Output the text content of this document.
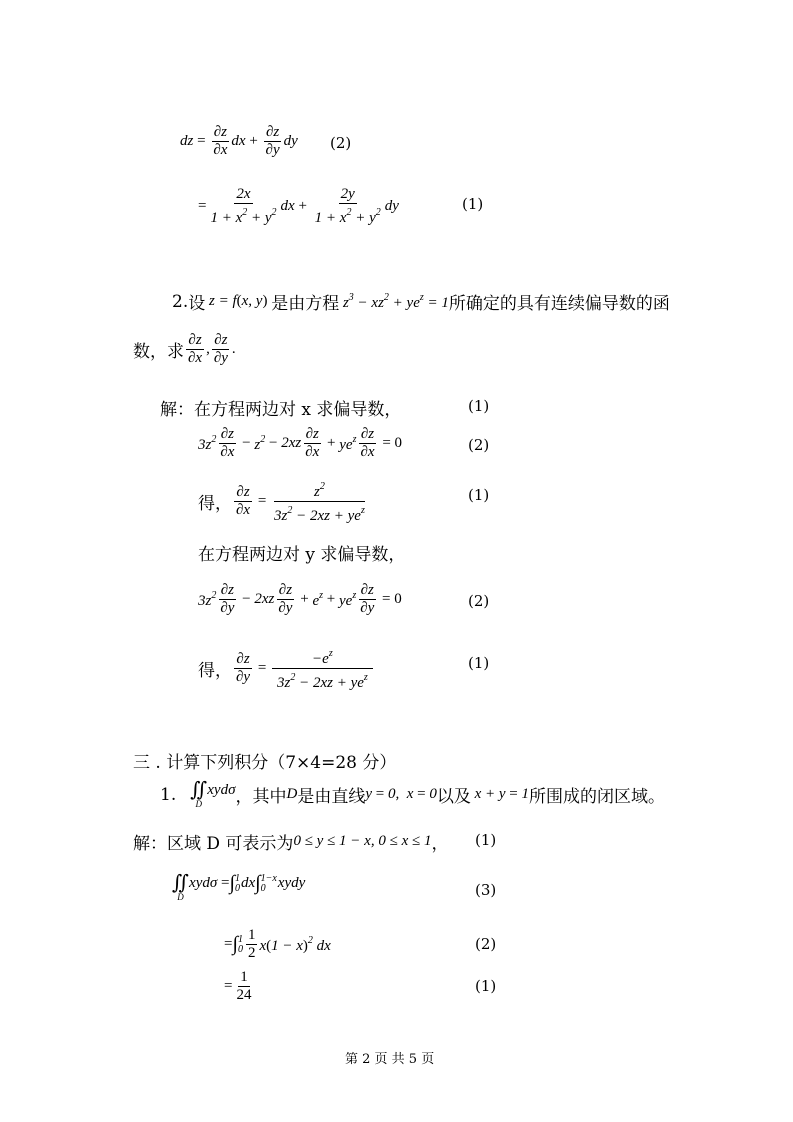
dz = $\frac{\partial z}{\partial x}$ dx + $\frac{\partial z}{\partial y}$ dy (2)
= $\frac{2x}{1 + x^2 + y^2}$ dx + $\frac{2y}{1 + x^2 + y^2}$ dy	(1)
2. 设 z = f ( x, y ) 是由方程 $z^3 - xz^2 + ye^z = 1$ 所确定的具有连续偏导数的函
数，求 $\frac{\partial z}{\partial x}$ , $\frac{\partial z}{\partial y}$ .
解：在方程两边对 x 求偏导数，	(1)
$3z^2 \frac{\partial z}{\partial x} - z^2 - 2xz \frac{\partial z}{\partial x} + ye^z \frac{\partial z}{\partial x} = 0$	(2)
得， $\frac{\partial z}{\partial x} = \frac{z^2}{3z^2 - 2xz + ye^z}$	(1)
在方程两边对 y 求偏导数，
$3z^2 \frac{\partial z}{\partial y} - 2xz \frac{\partial z}{\partial y} + e^z + ye^z \frac{\partial z}{\partial y} = 0$	(2)
得， $\frac{\partial z}{\partial y} = \frac{-e^z}{3z^2 - 2xz + ye^z}$	(1)
三 . 计算下列积分（7×4=28 分）
1. ∬
D
xydσ ，其中 D 是由直线 y = 0,  x = 0 以及 x + y = 1 所围成的闭区域。
解：区域 D 可表示为 0 ≤ y ≤ 1 − x, 0 ≤ x ≤ 1 ， (1)
∬
D
xydσ = ∫ 1
0 dx ∫ 1−x
0 xydy	(3)
= ∫ 1
$0 \frac{1}{2} x(1 - x)^2$ dx	(2)
= $\frac{1}{24}$	(1)
第 2 页 共 5 页
